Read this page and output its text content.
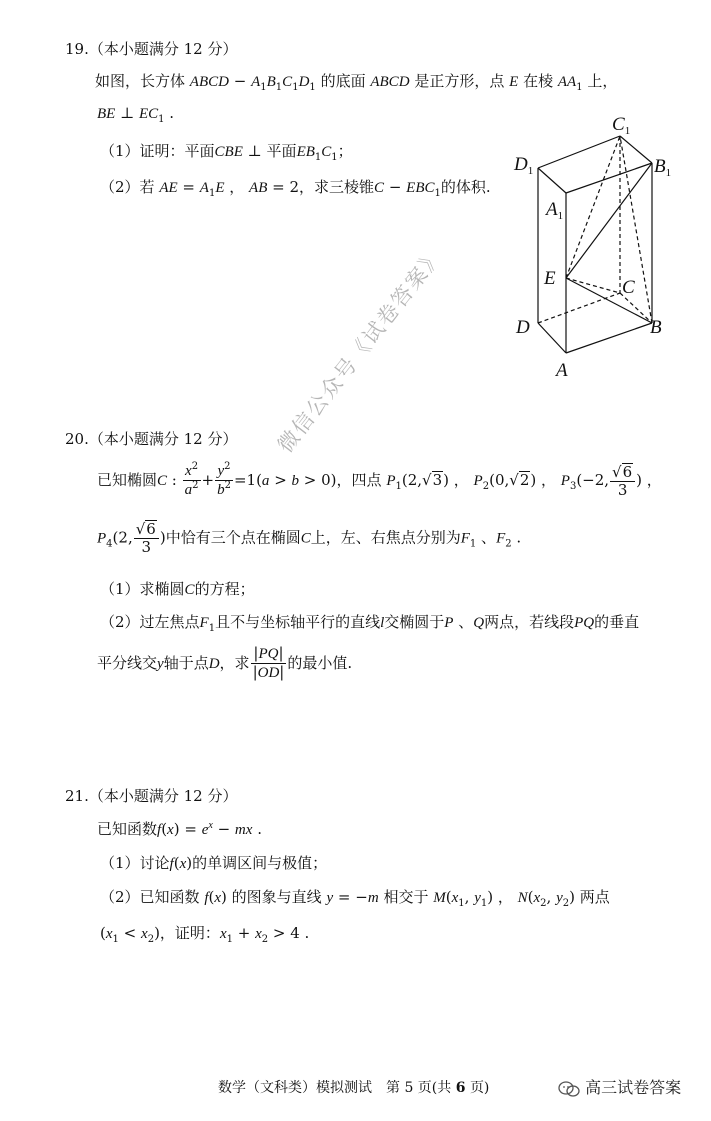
19.（本小题满分 12 分）
如图，长方体 ABCD − $A_1B_1C_1D_1$ 的底面 ABCD 是正方形，点 E 在棱 $AA_1$ 上，
BE ⊥ $EC_1$ .
（1）证明：平面CBE ⊥ 平面$EB_1C_1$；
（2）若 AE = $A_1E$ ， AB = 2，求三棱锥$C - EBC_1$的体积.
$C_1$
$D_1$	$B_1$
$A_1$
E	C
D	B
A
20.（本小题满分 12 分）
已知椭圆C : $\frac{x^2}{a^2} + \frac{y^2}{b^2} =1(a > b > 0)$，四点 $P_1(2,√3)$ ， $P_2(0,√2)$ ， $P_3(-2$, $\frac{√6}{3}$ ) ，
$P_4(2$, $\frac{√6}{3}$ )中恰有三个点在椭圆C上，左、右焦点分别为$F_1$ 、$F_2$ .
（1）求椭圆C的方程；
（2）过左焦点$F_1$且不与坐标轴平行的直线l交椭圆于P 、Q两点，若线段PQ的垂直
平分线交y轴于点D，求 $\frac{|PQ|}{|OD|}$ 的最小值.
21.（本小题满分 12 分）
已知函数$f(x) = e^x$ − mx .
（1）讨论f(x)的单调区间与极值；
（2）已知函数 f(x) 的图象与直线 y = −m 相交于 $M(x_1$, $y_1$) ， $N(x_2$, $y_2$) 两点
$(x_1 < x_2)$，证明：$x_1 + x_2 > 4$ .
微信公众号《试卷答案》
数学（文科类）模拟测试　第 5 页(共 6 页)	高三试卷答案
